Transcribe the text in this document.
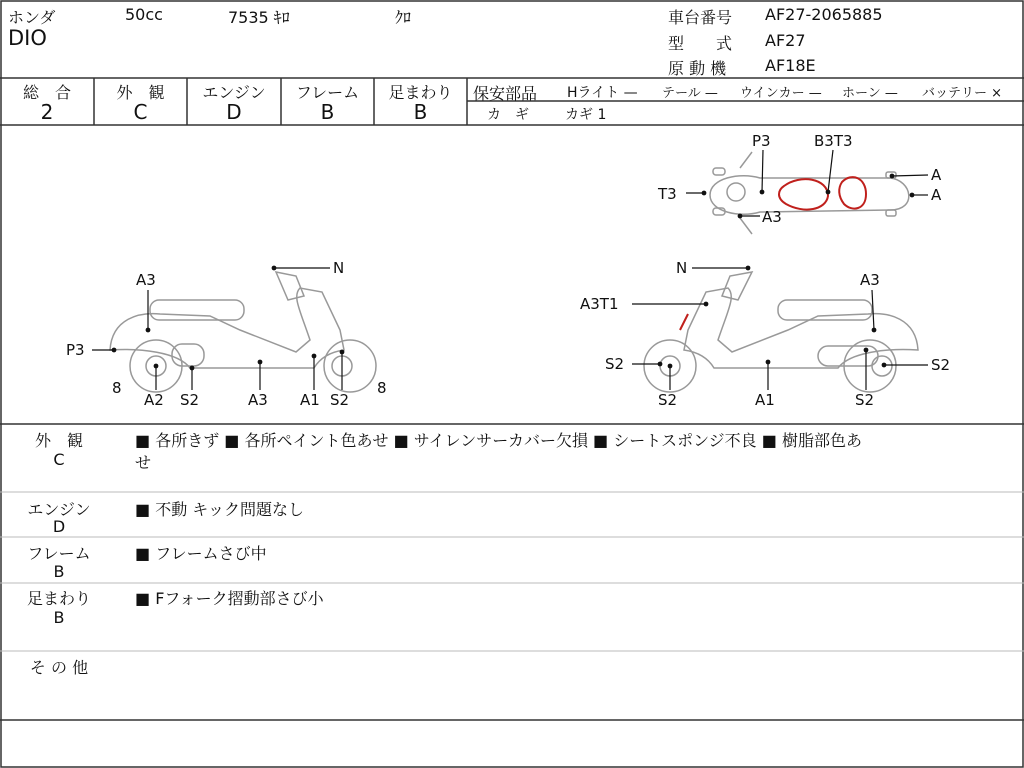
ホンダ	50cc	7535 ｷﾛ	ｸﾛ
DIO
車台番号 AF27-2065885
型　　式 AF27
原 動 機 AF18E
総　合
2
外　観
C
エンジン
D
フレーム
B
足まわり
B
保安部品 Hライト — テール — ウインカー — ホーン — バッテリー ×
カ　ギ	カギ 1
P3	B3T3
A
A
T3
A3
N
A3
P3
8
A2 S2	A3 A1 S2
8
N
A3
A3T1
S2
S2	A1	S2
S2
外　観
C
■ 各所きず ■ 各所ペイント色あせ ■ サイレンサーカバー欠損 ■ シートスポンジ不良 ■ 樹脂部色あ
せ
エンジン
D
■ 不動 キック問題なし
フレーム
B
■ フレームさび中
足まわり
B
■ Fフォーク摺動部さび小
そ の 他
